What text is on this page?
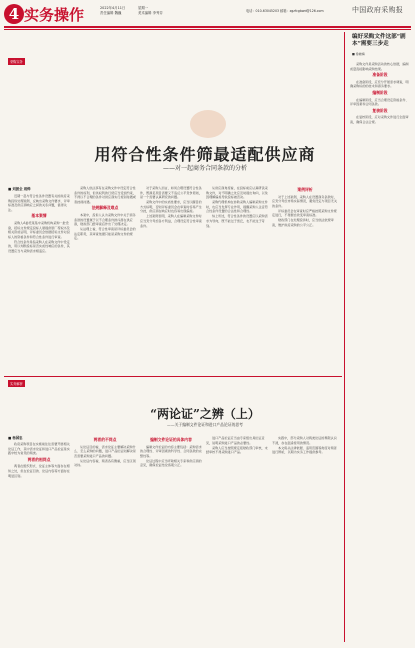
4 实务操作	2022年4月11日
责任编辑 魏巍
星期一
美术编辑 李秀芬	电话：010-63045203 邮箱：zgzfcgbwd@126.com	中国政府采购报
采购实务
用符合性条件筛最适配供应商
——对一起商务合同条款的分析
■ 刘振全 周烨

近期一起与符合性条件设置有关的政府采购投诉处理案例，反映出采购文件要求、评审标准及供应商响应之间的关系问题，值得关注。

基本案情

采购人A委托某集中采购机构采购一批设备，招标文件规定投标人须提供原厂授权书及相关资质证明，评标委员会依据招标文件对投标人的资格条件和符合性条件进行审查。

符合性条件是指采购人在采购文件中设定的，用以判断投标是否实质性响应的条件，其设置应当与采购需求相适应。

采购人依法享有在采购文件中设定符合性条件的权利，但该权利的行使应当受到约束，不得以不合理的条件对供应商实行差别待遇或者歧视待遇。

法规解释及难点

本案中，投诉人认为采购文件中关于商务条款的设置属于以不合理条件排斥潜在供应商，财政部门经审查后作出了处理决定。

从法理上看，符合性审查是评标委员会的法定职责，其审查依据只能是采购文件的规定。

对于采购人而言，如何合理设置符合性条件，既满足项目需要又不违反公平竞争原则，是一个需要认真研究的问题。

采购文件中的实质性要求，应当以醒目的方式标明，否则评标委员会在审查时容易产生分歧，供应商在响应时也容易出现偏差。

上述案例表明，采购人在编制采购文件时应当充分考虑各方利益，合理设定符合性审查条件。

从供应商角度看，在投标前应认真研读采购文件，对不明确之处应及时提出询问，以免因理解偏差导致投标被否决。

采购代理机构在协助采购人编制采购文件时，也应当发挥专业作用，提醒采购人注意符合性条件设置的合法性和合理性。

综上所述，符合性条件的设置应以采购需求为导向，既不能过于宽泛，也不能过于苛刻。

案例评析

对于上述案例，采购人在设置商务条款时，应充分考虑市场实际情况，避免设定与项目无关的条件。

评标委员会在审查时应严格按照采购文件规定进行，不得擅自改变审查标准。

财政部门在处理投诉时，应当依法依规审查，维护政府采购的公平公正。

编好采购文件这部“剧本”需要三步走
■ 徐晓梅

采购文件是采购活动的核心依据，编制质量直接影响采购结果。

准备阶段

在准备阶段，应充分开展需求调查，明确采购标的的技术和商务要求。

编制阶段

在编制阶段，应当合理设定资格条件、评审因素和合同条款。

复核阶段

在复核阶段，应对采购文件进行全面审查，确保合法合规。

实务解析
“两论证”之辨（上）
——关于编制文件论证和进口产品论证的思考
■ 杨国忠

政府采购项目在实施前往往需要开展相关论证工作，其中需求论证和进口产品论证是实践中较为常见的两类。

两者的相同点

两者在组织形式、论证主体等方面存在相似之处，但在论证目的、论证内容等方面存在明显区别。

两者的不同点

从论证目的看，需求论证主要解决采购什么、怎么采购的问题，进口产品论证则解决是否需要采购进口产品的问题。

从论证内容看，两者各有侧重，应当区别对待。

编制文件论证的具体内容

编制文件论证的内容主要包括：采购需求的合理性、评审因素的科学性、合同条款的完整性等。

论证过程中应当听取相关专家和供应商的意见，确保论证结论客观公正。

进口产品论证应当由专家组出具论证意见，说明采购进口产品的必要性。

采购人应当按照规定报财政部门审核，未经审核不得采购进口产品。

实践中，部分采购人对两类论证的界限认识不清，存在混淆使用的情况。

本文将从法律依据、适用范围等角度对两者进行辨析，以期为实务工作提供参考。
